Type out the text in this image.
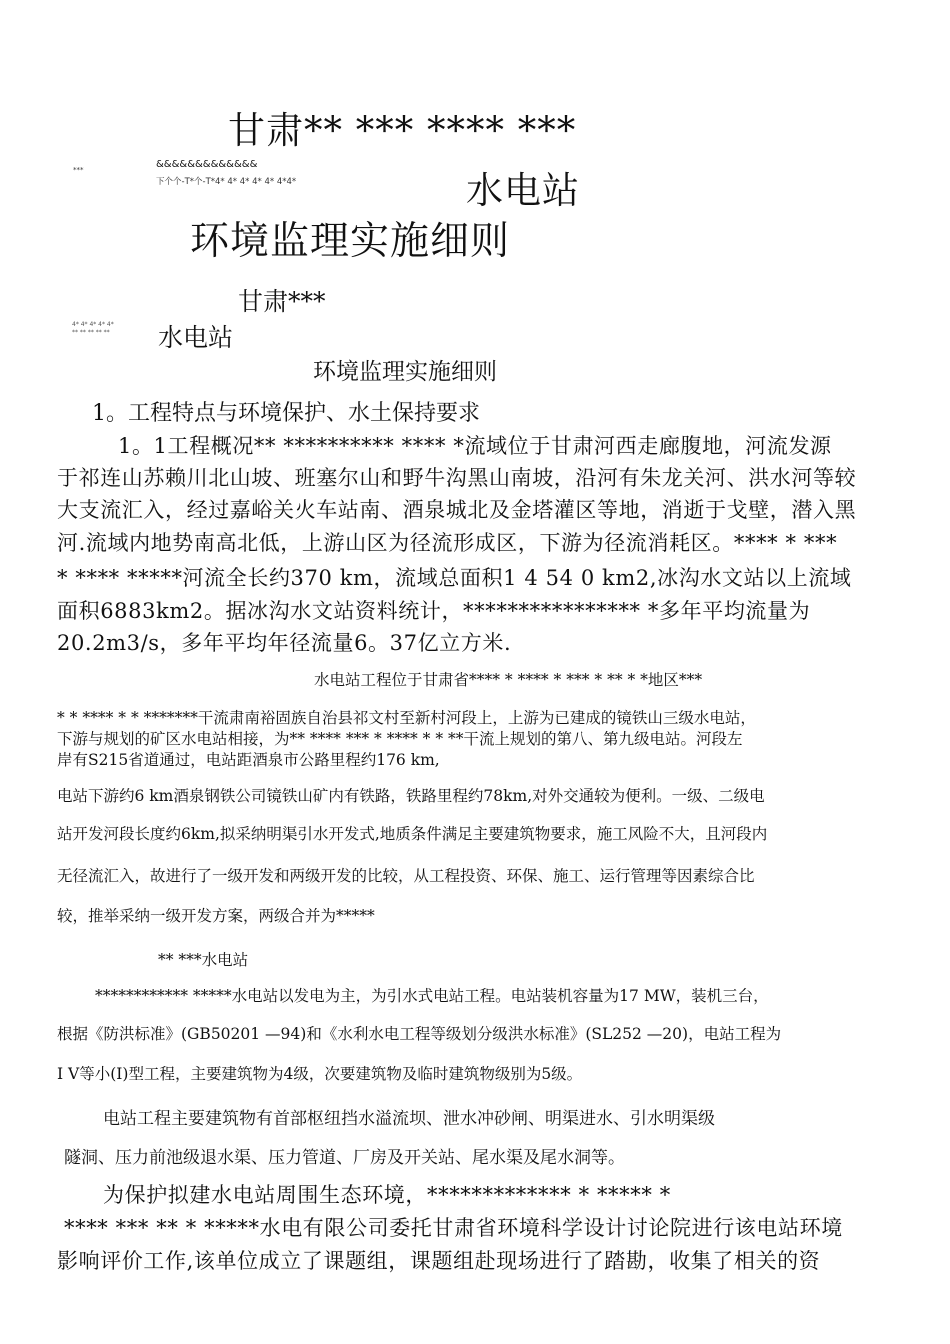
甘肃** *** **** ***
***	&&&&&&&&&&&&&
下个个-T*个-T*4* 4* 4* 4* 4* 4*4*	水电站
环境监理实施细则
甘肃***
4* 4* 4* 4* 4*
** ** ** ** ** 水电站
环境监理实施细则
1。工程特点与环境保护、水土保持要求
1。1工程概况** ********** **** *流域位于甘肃河西走廊腹地，河流发源
于祁连山苏赖川北山坡、班塞尔山和野牛沟黑山南坡，沿河有朱龙关河、洪水河等较
大支流汇入，经过嘉峪关火车站南、酒泉城北及金塔灌区等地，消逝于戈壁，潜入黑
河.流域内地势南高北低，上游山区为径流形成区，下游为径流消耗区。**** * ***
* **** *****河流全长约370 km，流域总面积1 4 54 0 km2,冰沟水文站以上流域
面积6883km2。据冰沟水文站资料统计，**************** *多年平均流量为
20.2m3/s，多年平均年径流量6。37亿立方米.
水电站工程位于甘肃省**** * **** * *** * ** * *地区***
* * **** * * *******干流肃南裕固族自治县祁文村至新村河段上，上游为已建成的镜铁山三级水电站，
下游与规划的矿区水电站相接，为** **** *** * **** * * **干流上规划的第八、第九级电站。河段左
岸有S215省道通过，电站距酒泉市公路里程约176 km,
电站下游约6 km酒泉钢铁公司镜铁山矿内有铁路，铁路里程约78km,对外交通较为便利。一级、二级电
站开发河段长度约6km,拟采纳明渠引水开发式,地质条件满足主要建筑物要求，施工风险不大，且河段内
无径流汇入，故进行了一级开发和两级开发的比较，从工程投资、环保、施工、运行管理等因素综合比
较，推举采纳一级开发方案，两级合并为*****
** ***水电站
************ *****水电站以发电为主，为引水式电站工程。电站装机容量为17 MW，装机三台，
根据《防洪标准》(GB50201 —94)和《水利水电工程等级划分级洪水标准》(SL252 —20)，电站工程为
I V等小(I)型工程，主要建筑物为4级，次要建筑物及临时建筑物级别为5级。
电站工程主要建筑物有首部枢纽挡水溢流坝、泄水冲砂闸、明渠进水、引水明渠级
隧洞、压力前池级退水渠、压力管道、厂房及开关站、尾水渠及尾水洞等。
为保护拟建水电站周围生态环境，************* * ***** *
**** *** ** * *****水电有限公司委托甘肃省环境科学设计讨论院进行该电站环境
影响评价工作,该单位成立了课题组，课题组赴现场进行了踏勘，收集了相关的资
